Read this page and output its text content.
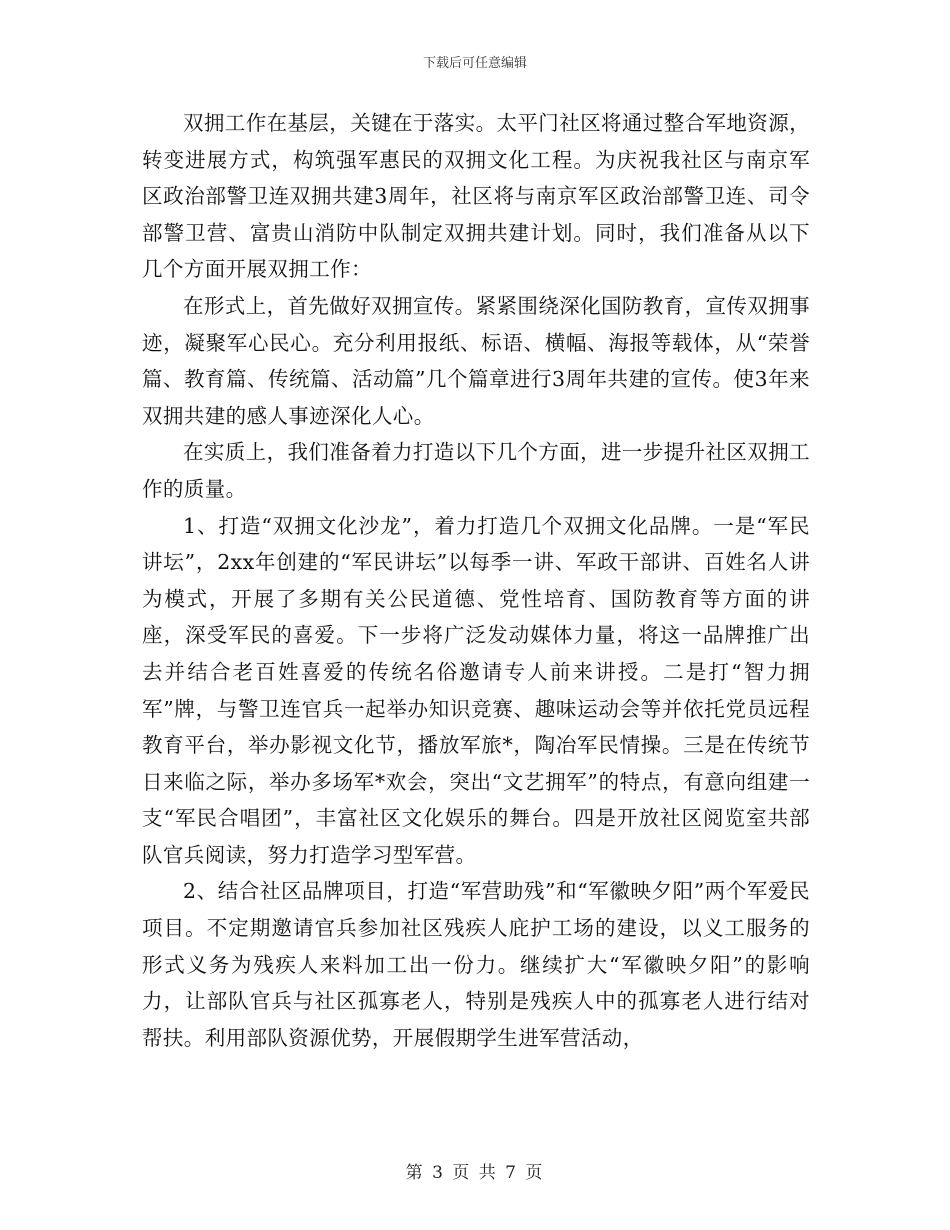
下载后可任意编辑

双拥工作在基层，关键在于落实。太平门社区将通过整合军地资源，转变进展方式，构筑强军惠民的双拥文化工程。为庆祝我社区与南京军区政治部警卫连双拥共建3周年，社区将与南京军区政治部警卫连、司令部警卫营、富贵山消防中队制定双拥共建计划。同时，我们准备从以下几个方面开展双拥工作：

在形式上，首先做好双拥宣传。紧紧围绕深化国防教育，宣传双拥事迹，凝聚军心民心。充分利用报纸、标语、横幅、海报等载体，从“荣誉篇、教育篇、传统篇、活动篇”几个篇章进行3周年共建的宣传。使3年来双拥共建的感人事迹深化人心。

在实质上，我们准备着力打造以下几个方面，进一步提升社区双拥工作的质量。

1、打造“双拥文化沙龙”，着力打造几个双拥文化品牌。一是“军民讲坛”，2xx年创建的“军民讲坛”以每季一讲、军政干部讲、百姓名人讲为模式，开展了多期有关公民道德、党性培育、国防教育等方面的讲座，深受军民的喜爱。下一步将广泛发动媒体力量，将这一品牌推广出去并结合老百姓喜爱的传统名俗邀请专人前来讲授。二是打“智力拥军”牌，与警卫连官兵一起举办知识竞赛、趣味运动会等并依托党员远程教育平台，举办影视文化节，播放军旅*，陶冶军民情操。三是在传统节日来临之际，举办多场军*欢会，突出“文艺拥军”的特点，有意向组建一支“军民合唱团”，丰富社区文化娱乐的舞台。四是开放社区阅览室共部队官兵阅读，努力打造学习型军营。

2、结合社区品牌项目，打造“军营助残”和“军徽映夕阳”两个军爱民项目。不定期邀请官兵参加社区残疾人庇护工场的建设，以义工服务的形式义务为残疾人来料加工出一份力。继续扩大“军徽映夕阳”的影响力，让部队官兵与社区孤寡老人，特别是残疾人中的孤寡老人进行结对帮扶。利用部队资源优势，开展假期学生进军营活动，

第 3 页 共 7 页
